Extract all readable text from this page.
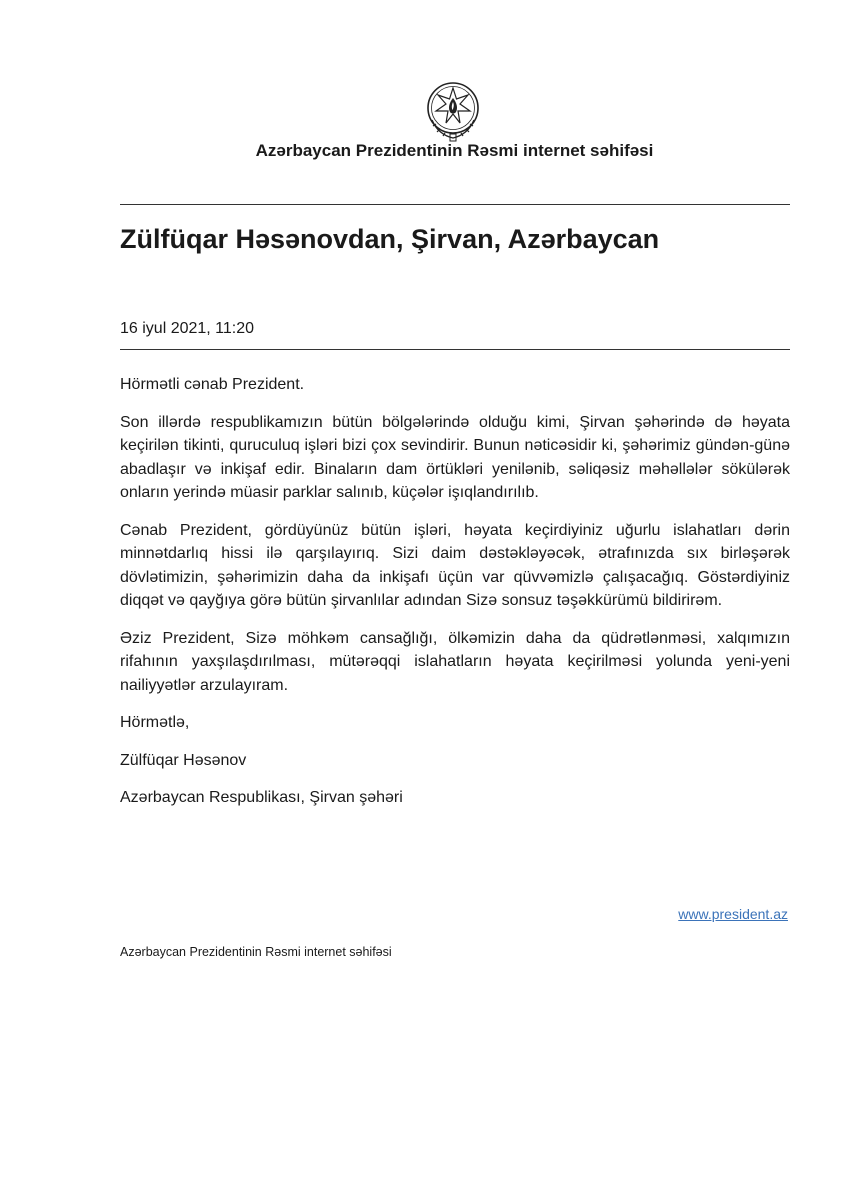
Azərbaycan Prezidentinin Rəsmi internet səhifəsi
Zülfüqar Həsənovdan, Şirvan, Azərbaycan
16 iyul 2021, 11:20

Hörmətli cənab Prezident.

Son illərdə respublikamızın bütün bölgələrində olduğu kimi, Şirvan şəhərində də həyata keçirilən tikinti, quruculuq işləri bizi çox sevindirir. Bunun nəticəsidir ki, şəhərimiz gündən-günə abadlaşır və inkişaf edir. Binaların dam örtükləri yenilənib, səliqəsiz məhəllələr sökülərək onların yerində müasir parklar salınıb, küçələr işıqlandırılıb.

Cənab Prezident, gördüyünüz bütün işləri, həyata keçirdiyiniz uğurlu islahatları dərin minnətdarlıq hissi ilə qarşılayırıq. Sizi daim dəstəkləyəcək, ətrafınızda sıx birləşərək dövlətimizin, şəhərimizin daha da inkişafı üçün var qüvvəmizlə çalışacağıq. Göstərdiyiniz diqqət və qayğıya görə bütün şirvanlılar adından Sizə sonsuz təşəkkürümü bildirirəm.

Əziz Prezident, Sizə möhkəm cansağlığı, ölkəmizin daha da qüdrətlənməsi, xalqımızın rifahının yaxşılaşdırılması, mütərəqqi islahatların həyata keçirilməsi yolunda yeni-yeni nailiyyətlər arzulayıram.

Hörmətlə,

Zülfüqar Həsənov

Azərbaycan Respublikası, Şirvan şəhəri

www.president.az
Azərbaycan Prezidentinin Rəsmi internet səhifəsi
